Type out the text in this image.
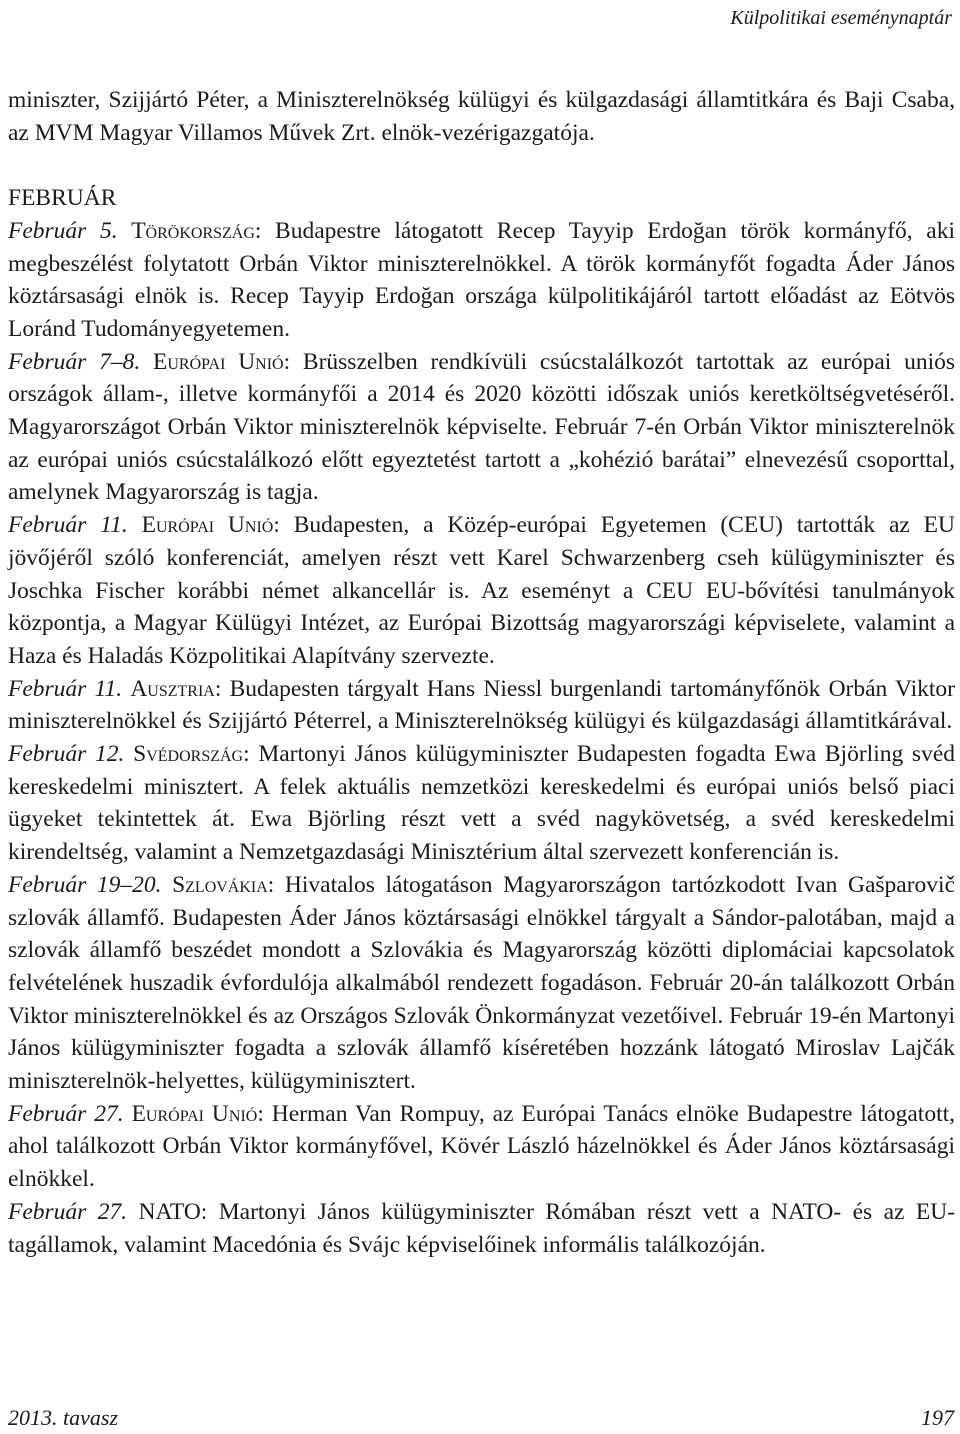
Külpolitikai eseménynaptár

miniszter, Szijjártó Péter, a Miniszterelnökség külügyi és külgazdasági államtitkára és Baji Csaba, az MVM Magyar Villamos Művek Zrt. elnök-vezérigazgatója.

FEBRUÁR

Február 5. Törökország: Budapestre látogatott Recep Tayyip Erdoğan török kormányfő, aki megbeszélést folytatott Orbán Viktor miniszterelnökkel. A török kormányfőt fogadta Áder János köztársasági elnök is. Recep Tayyip Erdoğan országa külpolitikájáról tartott előadást az Eötvös Loránd Tudományegyetemen.

Február 7–8. Európai Unió: Brüsszelben rendkívüli csúcstalálkozót tartottak az európai uniós országok állam-, illetve kormányfői a 2014 és 2020 közötti időszak uniós keretköltségvetéséről. Magyarországot Orbán Viktor miniszterelnök képviselte. Február 7-én Orbán Viktor miniszterelnök az európai uniós csúcstalálkozó előtt egyeztetést tartott a „kohézió barátai” elnevezésű csoporttal, amelynek Magyarország is tagja.

Február 11. Európai Unió: Budapesten, a Közép-európai Egyetemen (CEU) tartották az EU jövőjéről szóló konferenciát, amelyen részt vett Karel Schwarzenberg cseh külügyminiszter és Joschka Fischer korábbi német alkancellár is. Az eseményt a CEU EU-bővítési tanulmányok központja, a Magyar Külügyi Intézet, az Európai Bizottság magyarországi képviselete, valamint a Haza és Haladás Közpolitikai Alapítvány szervezte.

Február 11. Ausztria: Budapesten tárgyalt Hans Niessl burgenlandi tartományfőnök Orbán Viktor miniszterelnökkel és Szijjártó Péterrel, a Miniszterelnökség külügyi és külgazdasági államtitkárával.

Február 12. Svédország: Martonyi János külügyminiszter Budapesten fogadta Ewa Björling svéd kereskedelmi minisztert. A felek aktuális nemzetközi kereskedelmi és európai uniós belső piaci ügyeket tekintettek át. Ewa Björling részt vett a svéd nagykövetség, a svéd kereskedelmi kirendeltség, valamint a Nemzetgazdasági Minisztérium által szervezett konferencián is.

Február 19–20. Szlovákia: Hivatalos látogatáson Magyarországon tartózkodott Ivan Gašparovič szlovák államfő. Budapesten Áder János köztársasági elnökkel tárgyalt a Sándor-palotában, majd a szlovák államfő beszédet mondott a Szlovákia és Magyarország közötti diplomáciai kapcsolatok felvételének huszadik évfordulója alkalmából rendezett fogadáson. Február 20-án találkozott Orbán Viktor miniszterelnökkel és az Országos Szlovák Önkormányzat vezetőivel. Február 19-én Martonyi János külügyminiszter fogadta a szlovák államfő kíséretében hozzánk látogató Miroslav Lajčák miniszterelnök-helyettes, külügyminisztert.

Február 27. Európai Unió: Herman Van Rompuy, az Európai Tanács elnöke Budapestre látogatott, ahol találkozott Orbán Viktor kormányfővel, Kövér László házelnökkel és Áder János köztársasági elnökkel.

Február 27. NATO: Martonyi János külügyminiszter Rómában részt vett a NATO- és az EU-tagállamok, valamint Macedónia és Svájc képviselőinek informális találkozóján.

2013. tavasz	197
